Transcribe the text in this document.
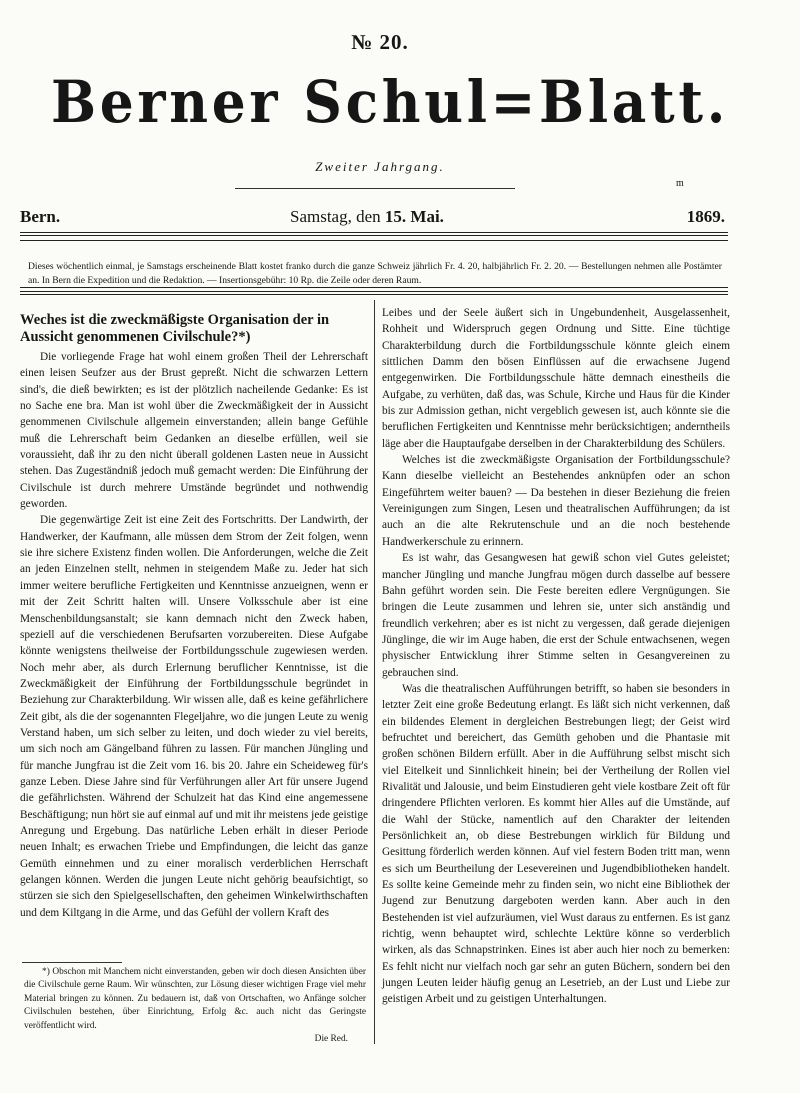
№ 20.
Berner Schul=Blatt.
Zweiter Jahrgang.
m
Bern.	Samstag, den 15. Mai.	1869.
Dieses wöchentlich einmal, je Samstags erscheinende Blatt kostet franko durch die ganze Schweiz jährlich Fr. 4. 20, halbjährlich Fr. 2. 20. — Bestellungen nehmen alle Postämter an. In Bern die Expedition und die Redaktion. — Insertionsgebühr: 10 Rp. die Zeile oder deren Raum.
Weches ist die zweckmäßigste Organisation der in Aussicht genommenen Civilschule?*)

Die vorliegende Frage hat wohl einem großen Theil der Lehrerschaft einen leisen Seufzer aus der Brust gepreßt. Nicht die schwarzen Lettern sind's, die dieß bewirkten; es ist der plötzlich nacheilende Gedanke: Es ist no Sache ene bra. Man ist wohl über die Zweckmäßigkeit der in Aussicht genommenen Civilschule allgemein einverstanden; allein bange Gefühle muß die Lehrerschaft beim Gedanken an dieselbe erfüllen, weil sie voraussieht, daß ihr zu den nicht überall goldenen Lasten neue in Aussicht stehen. Das Zugeständniß jedoch muß gemacht werden: Die Einführung der Civilschule ist durch mehrere Umstände begründet und nothwendig geworden.

Die gegenwärtige Zeit ist eine Zeit des Fortschritts. Der Landwirth, der Handwerker, der Kaufmann, alle müssen dem Strom der Zeit folgen, wenn sie ihre sichere Existenz finden wollen. Die Anforderungen, welche die Zeit an jeden Einzelnen stellt, nehmen in steigendem Maße zu. Jeder hat sich immer weitere berufliche Fertigkeiten und Kenntnisse anzueignen, wenn er mit der Zeit Schritt halten will. Unsere Volksschule aber ist eine Menschenbildungsanstalt; sie kann demnach nicht den Zweck haben, speziell auf die verschiedenen Berufsarten vorzubereiten. Diese Aufgabe könnte wenigstens theilweise der Fortbildungsschule zugewiesen werden. Noch mehr aber, als durch Erlernung beruflicher Kenntnisse, ist die Zweckmäßigkeit der Einführung der Fortbildungsschule begründet in Beziehung zur Charakterbildung. Wir wissen alle, daß es keine gefährlichere Zeit gibt, als die der sogenannten Flegeljahre, wo die jungen Leute zu wenig Verstand haben, um sich selber zu leiten, und doch wieder zu viel bereits, um sich noch am Gängelband führen zu lassen. Für manchen Jüngling und für manche Jungfrau ist die Zeit vom 16. bis 20. Jahre ein Scheideweg für's ganze Leben. Diese Jahre sind für Verführungen aller Art für unsere Jugend die gefährlichsten. Während der Schulzeit hat das Kind eine angemessene Beschäftigung; nun hört sie auf einmal auf und mit ihr meistens jede geistige Anregung und Ergebung. Das natürliche Leben erhält in dieser Periode neuen Inhalt; es erwachen Triebe und Empfindungen, die leicht das ganze Gemüth einnehmen und zu einer moralisch verderblichen Herrschaft gelangen können. Werden die jungen Leute nicht gehörig beaufsichtigt, so stürzen sie sich den Spielgesellschaften, den geheimen Winkelwirthschaften und dem Kiltgang in die Arme, und das Gefühl der vollern Kraft des

Leibes und der Seele äußert sich in Ungebundenheit, Ausgelassenheit, Rohheit und Widerspruch gegen Ordnung und Sitte. Eine tüchtige Charakterbildung durch die Fortbildungsschule könnte gleich einem sittlichen Damm den bösen Einflüssen auf die erwachsene Jugend entgegenwirken. Die Fortbildungsschule hätte demnach einestheils die Aufgabe, zu verhüten, daß das, was Schule, Kirche und Haus für die Kinder bis zur Admission gethan, nicht vergeblich gewesen ist, auch könnte sie die beruflichen Fertigkeiten und Kenntnisse mehr berücksichtigen; anderntheils läge aber die Hauptaufgabe derselben in der Charakterbildung des Schülers.

Welches ist die zweckmäßigste Organisation der Fortbildungsschule? Kann dieselbe vielleicht an Bestehendes anknüpfen oder an schon Eingeführtem weiter bauen? — Da bestehen in dieser Beziehung die freien Vereinigungen zum Singen, Lesen und theatralischen Aufführungen; da ist auch an die alte Rekrutenschule und an die noch bestehende Handwerkerschule zu erinnern.

Es ist wahr, das Gesangwesen hat gewiß schon viel Gutes geleistet; mancher Jüngling und manche Jungfrau mögen durch dasselbe auf bessere Bahn geführt worden sein. Die Feste bereiten edlere Vergnügungen. Sie bringen die Leute zusammen und lehren sie, unter sich anständig und freundlich verkehren; aber es ist nicht zu vergessen, daß gerade diejenigen Jünglinge, die wir im Auge haben, die erst der Schule entwachsenen, wegen physischer Entwicklung ihrer Stimme selten in Gesangvereinen zu gebrauchen sind.

Was die theatralischen Aufführungen betrifft, so haben sie besonders in letzter Zeit eine große Bedeutung erlangt. Es läßt sich nicht verkennen, daß ein bildendes Element in dergleichen Bestrebungen liegt; der Geist wird befruchtet und bereichert, das Gemüth gehoben und die Phantasie mit großen schönen Bildern erfüllt. Aber in die Aufführung selbst mischt sich viel Eitelkeit und Sinnlichkeit hinein; bei der Vertheilung der Rollen viel Rivalität und Jalousie, und beim Einstudieren geht viele kostbare Zeit oft für dringendere Pflichten verloren. Es kommt hier Alles auf die Umstände, auf die Wahl der Stücke, namentlich auf den Charakter der leitenden Persönlichkeit an, ob diese Bestrebungen wirklich für Bildung und Gesittung förderlich werden können. Auf viel festern Boden tritt man, wenn es sich um Beurtheilung der Lesevereinen und Jugendbibliotheken handelt. Es sollte keine Gemeinde mehr zu finden sein, wo nicht eine Bibliothek der Jugend zur Benutzung dargeboten werden kann. Aber auch in den Bestehenden ist viel aufzuräumen, viel Wust daraus zu entfernen. Es ist ganz richtig, wenn behauptet wird, schlechte Lektüre könne so verderblich wirken, als das Schnapstrinken. Eines ist aber auch hier noch zu bemerken: Es fehlt nicht nur vielfach noch gar sehr an guten Büchern, sondern bei den jungen Leuten leider häufig genug an Lesetrieb, an der Lust und Liebe zur geistigen Arbeit und zu geistigen Unterhaltungen.

*) Obschon mit Manchem nicht einverstanden, geben wir doch diesen Ansichten über die Civilschule gerne Raum. Wir wünschten, zur Lösung dieser wichtigen Frage viel mehr Material bringen zu können. Zu bedauern ist, daß von Ortschaften, wo Anfänge solcher Civilschulen bestehen, über Einrichtung, Erfolg &c. auch nicht das Geringste veröffentlicht wird.
Die Red.
